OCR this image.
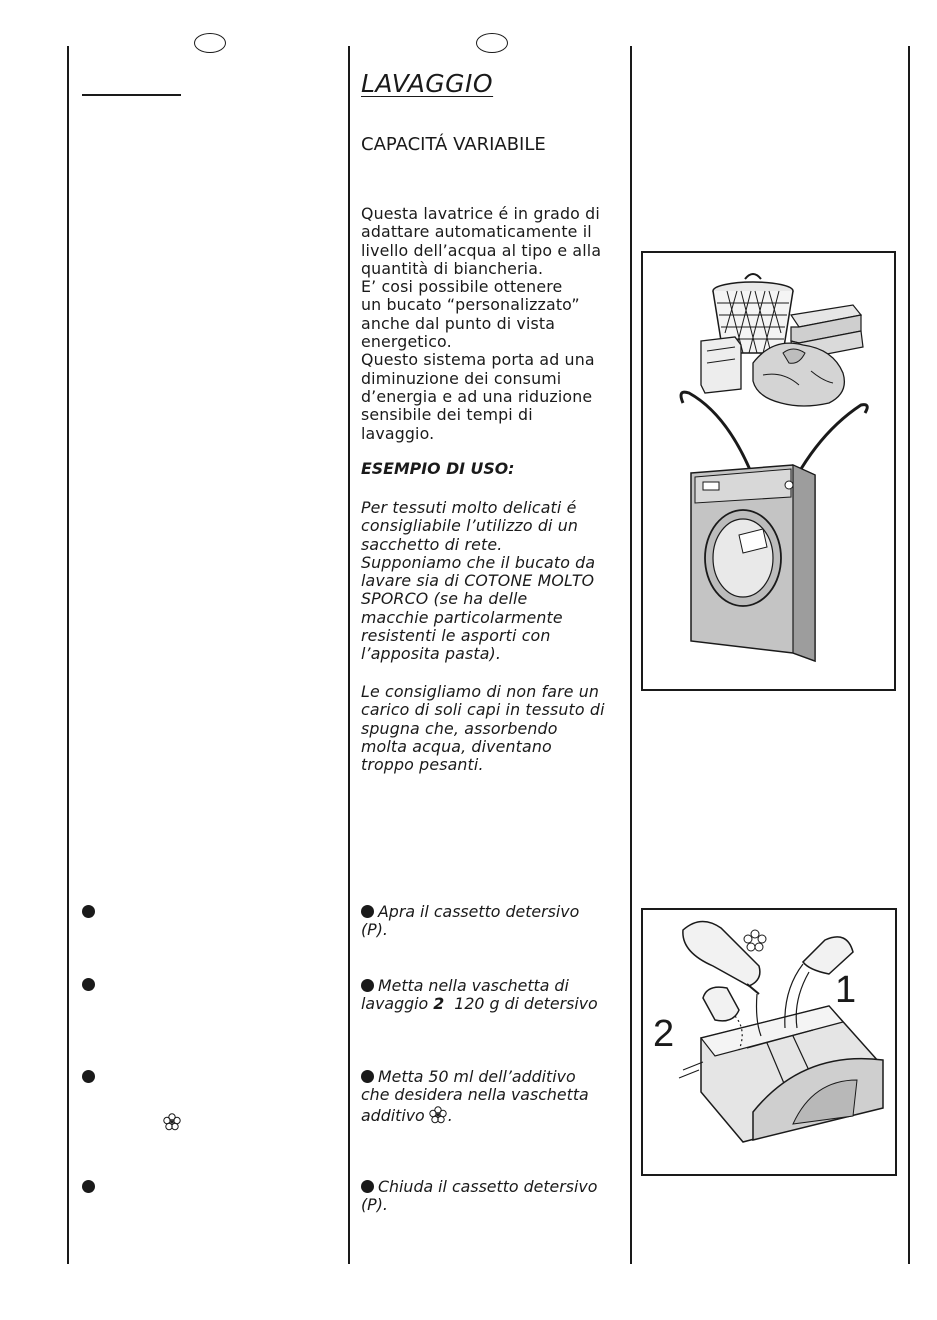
LAVAGGIO
CAPACITÁ VARIABILE

Questa lavatrice é in grado di
adattare automaticamente il
livello dell’acqua al tipo e alla
quantità di biancheria.
E’ cosi possibile ottenere
un bucato “personalizzato”
anche dal punto di vista
energetico.
Questo sistema porta ad una
diminuzione dei consumi
d’energia e ad una riduzione
sensibile dei tempi di
lavaggio.

ESEMPIO DI USO:

Per tessuti molto delicati é
consigliabile l’utilizzo di un
sacchetto di rete.
Supponiamo che il bucato da
lavare sia di COTONE MOLTO
SPORCO (se ha delle
macchie particolarmente
resistenti le asporti con
l’apposita pasta).

Le consigliamo di non fare un
carico di soli capi in tessuto di
spugna che, assorbendo
molta acqua, diventano
troppo pesanti.

Apra il cassetto detersivo
(P).

Metta nella vaschetta di
lavaggio 2  120 g di detersivo

Metta 50 ml dell’additivo
che desidera nella vaschetta
additivo .

Chiuda il cassetto detersivo
(P).

1
2
